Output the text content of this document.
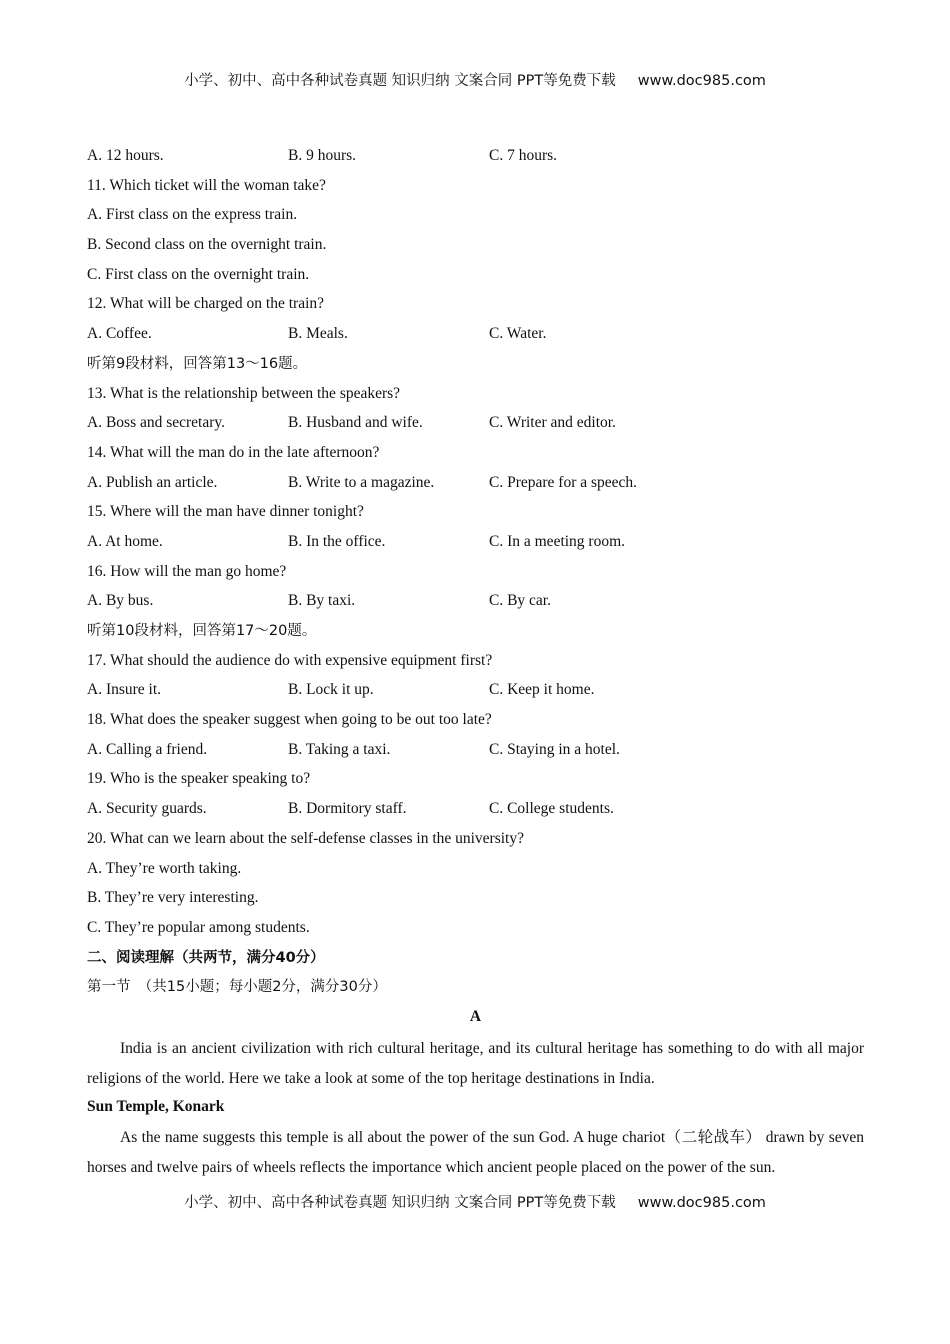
小学、初中、高中各种试卷真题 知识归纳 文案合同 PPT等免费下载 www.doc985.com
A. 12 hours.	B. 9 hours.	C. 7 hours.
11. Which ticket will the woman take?
A. First class on the express train.
B. Second class on the overnight train.
C. First class on the overnight train.
12. What will be charged on the train?
A. Coffee.	B. Meals.	C. Water.
听第9段材料，回答第13～16题。
13. What is the relationship between the speakers?
A. Boss and secretary.	B. Husband and wife.	C. Writer and editor.
14. What will the man do in the late afternoon?
A. Publish an article.	B. Write to a magazine.	C. Prepare for a speech.
15. Where will the man have dinner tonight?
A. At home.	B. In the office.	C. In a meeting room.
16. How will the man go home?
A. By bus.	B. By taxi.	C. By car.
听第10段材料，回答第17～20题。
17. What should the audience do with expensive equipment first?
A. Insure it.	B. Lock it up.	C. Keep it home.
18. What does the speaker suggest when going to be out too late?
A. Calling a friend.	B. Taking a taxi.	C. Staying in a hotel.
19. Who is the speaker speaking to?
A. Security guards.	B. Dormitory staff.	C. College students.
20. What can we learn about the self-defense classes in the university?
A. They’re worth taking.
B. They’re very interesting.
C. They’re popular among students.
二、阅读理解（共两节，满分40分）
第一节　（共15小题；每小题2分，满分30分）
A

India is an ancient civilization with rich cultural heritage, and its cultural heritage has something to do with all major religions of the world. Here we take a look at some of the top heritage destinations in India.

Sun Temple, Konark

As the name suggests this temple is all about the power of the sun God. A huge chariot（二轮战车） drawn by seven horses and twelve pairs of wheels reflects the importance which ancient people placed on the power of the sun.

小学、初中、高中各种试卷真题 知识归纳 文案合同 PPT等免费下载 www.doc985.com
